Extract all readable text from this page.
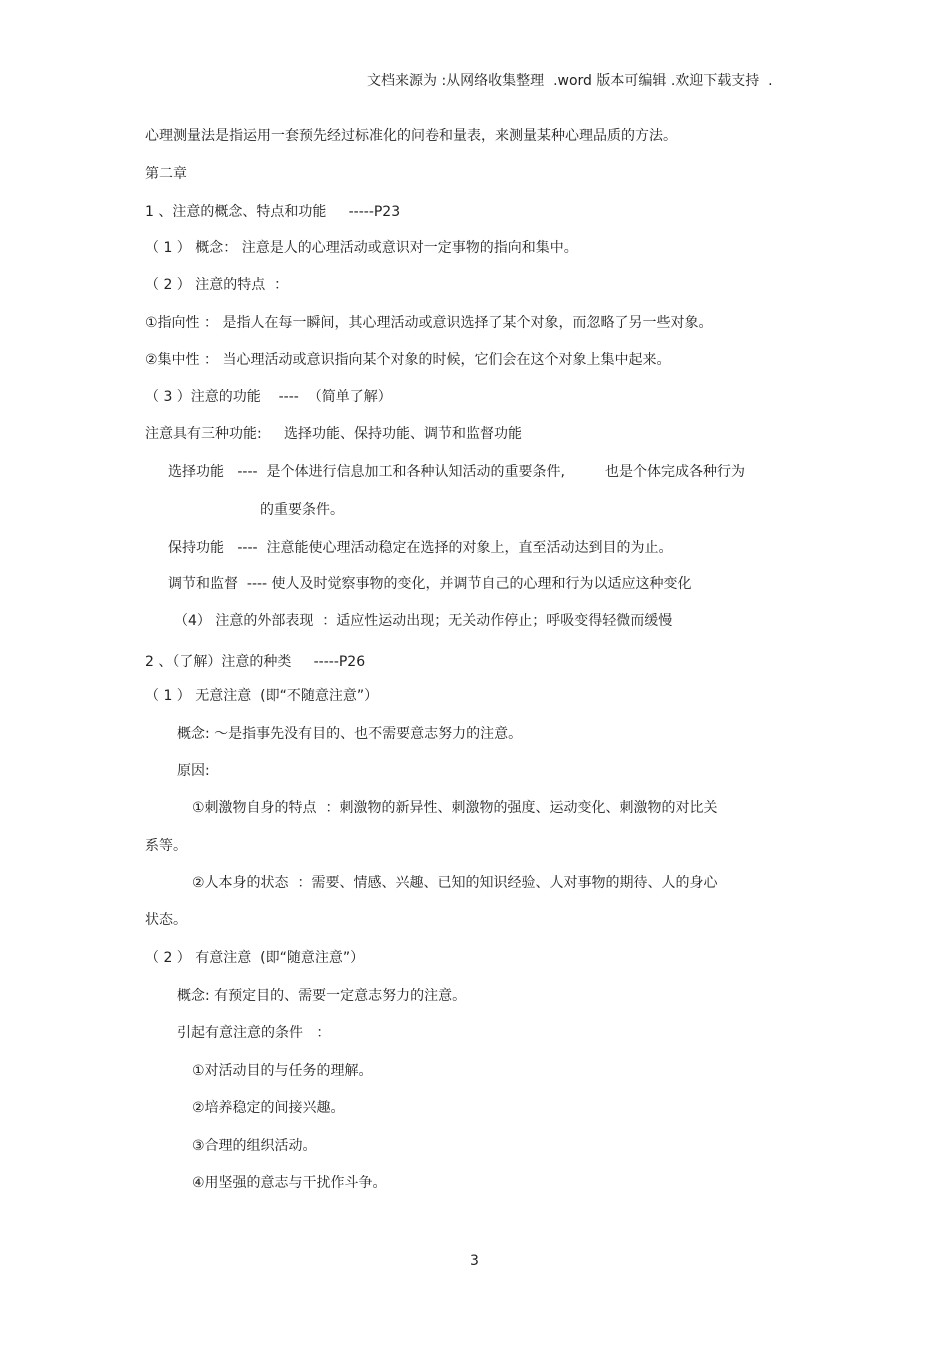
文档来源为 :从网络收集整理  .word 版本可编辑 .欢迎下载支持  .
心理测量法是指运用一套预先经过标准化的问卷和量表，来测量某种心理品质的方法。
第二章
1 、注意的概念、特点和功能     -----P23
（ 1 ） 概念： 注意是人的心理活动或意识对一定事物的指向和集中。
（ 2 ） 注意的特点  ：
①指向性 ： 是指人在每一瞬间，其心理活动或意识选择了某个对象，而忽略了另一些对象。
②集中性 ： 当心理活动或意识指向某个对象的时候，它们会在这个对象上集中起来。
（ 3 ）注意的功能    ----  （简单了解）
注意具有三种功能:     选择功能、保持功能、调节和监督功能
选择功能   ----  是个体进行信息加工和各种认知活动的重要条件,         也是个体完成各种行为
的重要条件。
保持功能   ----  注意能使心理活动稳定在选择的对象上，直至活动达到目的为止。
调节和监督  ---- 使人及时觉察事物的变化，并调节自己的心理和行为以适应这种变化
（4） 注意的外部表现  ：适应性运动出现；无关动作停止；呼吸变得轻微而缓慢
2 、（了解）注意的种类     -----P26
（ 1 ） 无意注意  (即“不随意注意”）
概念: ～是指事先没有目的、也不需要意志努力的注意。
原因:
①刺激物自身的特点  ：刺激物的新异性、刺激物的强度、运动变化、刺激物的对比关
系等。
②人本身的状态  ：需要、情感、兴趣、已知的知识经验、人对事物的期待、人的身心
状态。
（ 2 ） 有意注意  (即“随意注意”）
概念: 有预定目的、需要一定意志努力的注意。
引起有意注意的条件   ：
①对活动目的与任务的理解。
②培养稳定的间接兴趣。
③合理的组织活动。
④用坚强的意志与干扰作斗争。
3
